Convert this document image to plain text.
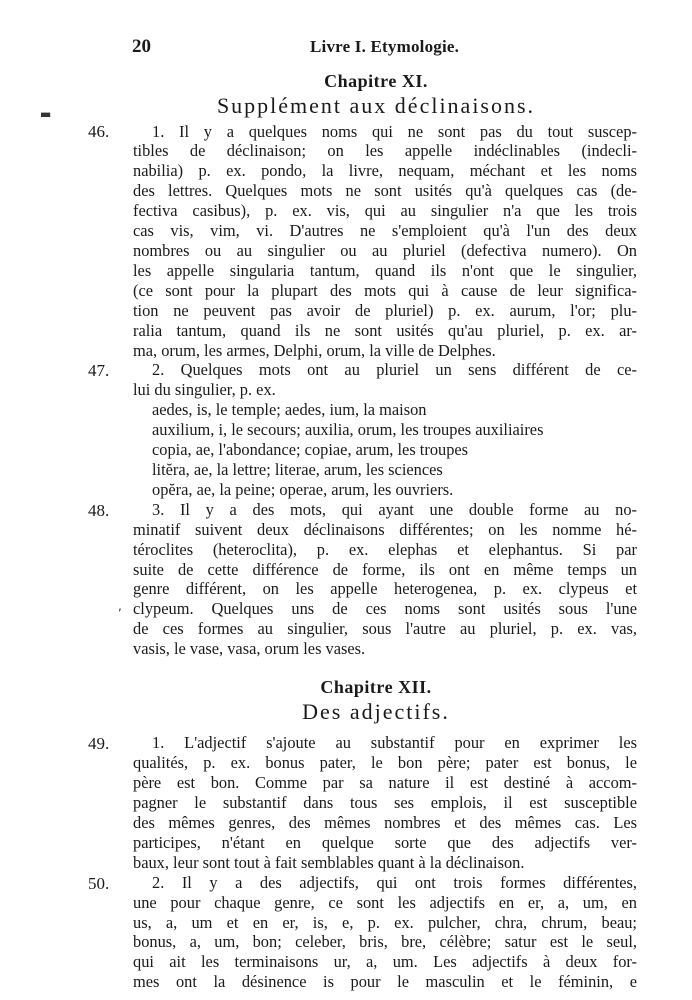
20	Livre I. Etymologie.
▬
Chapitre XI.
Supplément aux déclinaisons.
46.	1. Il y a quelques noms qui ne sont pas du tout suscep-
tibles de déclinaison; on les appelle indéclinables (indecli-
nabilia) p. ex. pondo, la livre, nequam, méchant et les noms
des lettres. Quelques mots ne sont usités qu'à quelques cas (de-
fectiva casibus), p. ex. vis, qui au singulier n'a que les trois
cas vis, vim, vi. D'autres ne s'emploient qu'à l'un des deux
nombres ou au singulier ou au pluriel (defectiva numero). On
les appelle singularia tantum, quand ils n'ont que le singulier,
(ce sont pour la plupart des mots qui à cause de leur significa-
tion ne peuvent pas avoir de pluriel) p. ex. aurum, l'or; plu-
ralia tantum, quand ils ne sont usités qu'au pluriel, p. ex. ar-
ma, orum, les armes, Delphi, orum, la ville de Delphes.
47.	2. Quelques mots ont au pluriel un sens différent de ce-
lui du singulier, p. ex.
aedes, is, le temple; aedes, ium, la maison
auxilium, i, le secours; auxilia, orum, les troupes auxiliaires
copia, ae, l'abondance; copiae, arum, les troupes
litĕra, ae, la lettre; literae, arum, les sciences
opĕra, ae, la peine; operae, arum, les ouvriers.
48.	3. Il y a des mots, qui ayant une double forme au no-
minatif suivent deux déclinaisons différentes; on les nomme hé-
téroclites (heteroclita), p. ex. elephas et elephantus. Si par
suite de cette différence de forme, ils ont en même temps un
genre différent, on les appelle heterogenea, p. ex. clypeus et
clypeum. Quelques uns de ces noms sont usités sous l'une
de ces formes au singulier, sous l'autre au pluriel, p. ex. vas,
vasis, le vase, vasa, orum les vases.
,
Chapitre XII.
Des adjectifs.
49.	1. L'adjectif s'ajoute au substantif pour en exprimer les
qualités, p. ex. bonus pater, le bon père; pater est bonus, le
père est bon. Comme par sa nature il est destiné à accom-
pagner le substantif dans tous ses emplois, il est susceptible
des mêmes genres, des mêmes nombres et des mêmes cas. Les
participes, n'étant en quelque sorte que des adjectifs ver-
baux, leur sont tout à fait semblables quant à la déclinaison.
50.	2. Il y a des adjectifs, qui ont trois formes différentes,
une pour chaque genre, ce sont les adjectifs en er, a, um, en
us, a, um et en er, is, e, p. ex. pulcher, chra, chrum, beau;
bonus, a, um, bon; celeber, bris, bre, célèbre; satur est le seul,
qui ait les terminaisons ur, a, um. Les adjectifs à deux for-
mes ont la désinence is pour le masculin et le féminin, e
